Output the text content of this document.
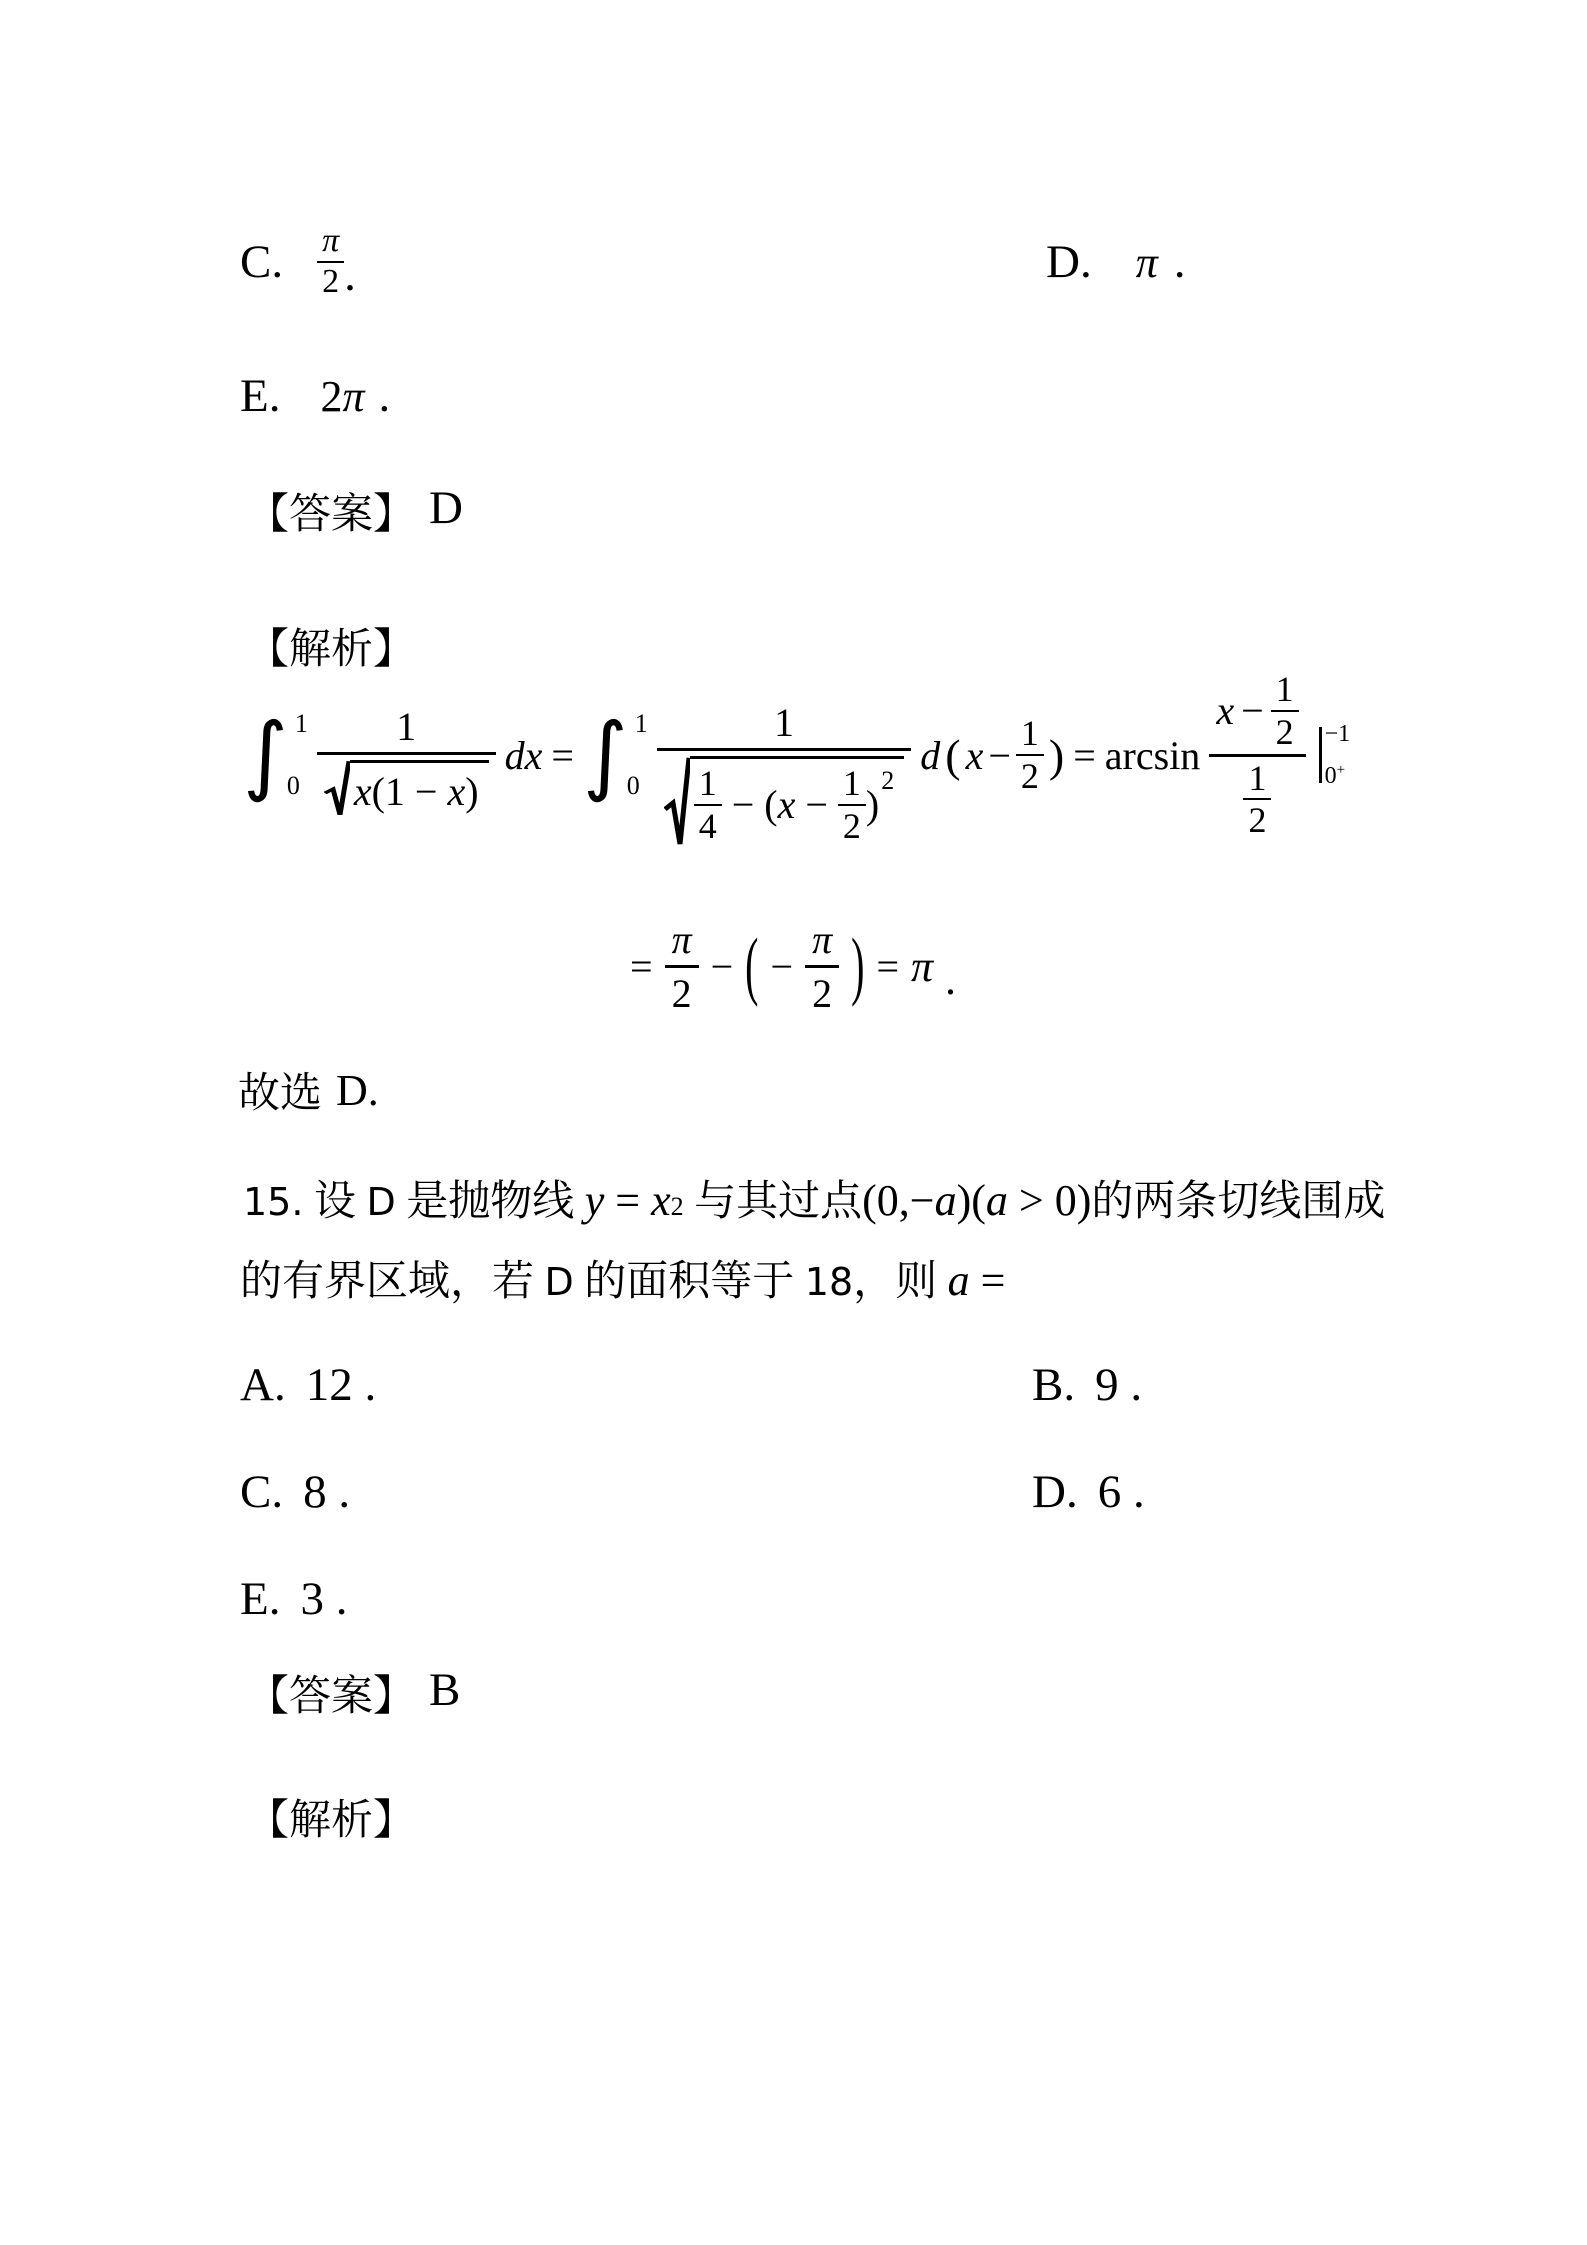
C. π
2 .	D. π .
E. 2 π .
【答案】 D
【解析】
∫ 1
$0 \frac{1}{x (1 - x )}$ dx = ∫ 1
0 1
1
4 − ( x − 1
2 )
2 d ( x − 1
2 ) = arcsin x − 1
2
1
2 −1
0+
= $\frac{\pi}{2}$ − ( − $\frac{\pi}{2}$ ) = π .
故选 D.
15. 设 D 是抛物线 y = x 2 与其过点 (0,− a )( a > 0) 的两条切线围成
的有界区域，若 D 的面积等于 18 ，则 a =
A. 12 .	B. 9 .
C. 8 .	D. 6 .
E. 3 .
【答案】 B
【解析】
